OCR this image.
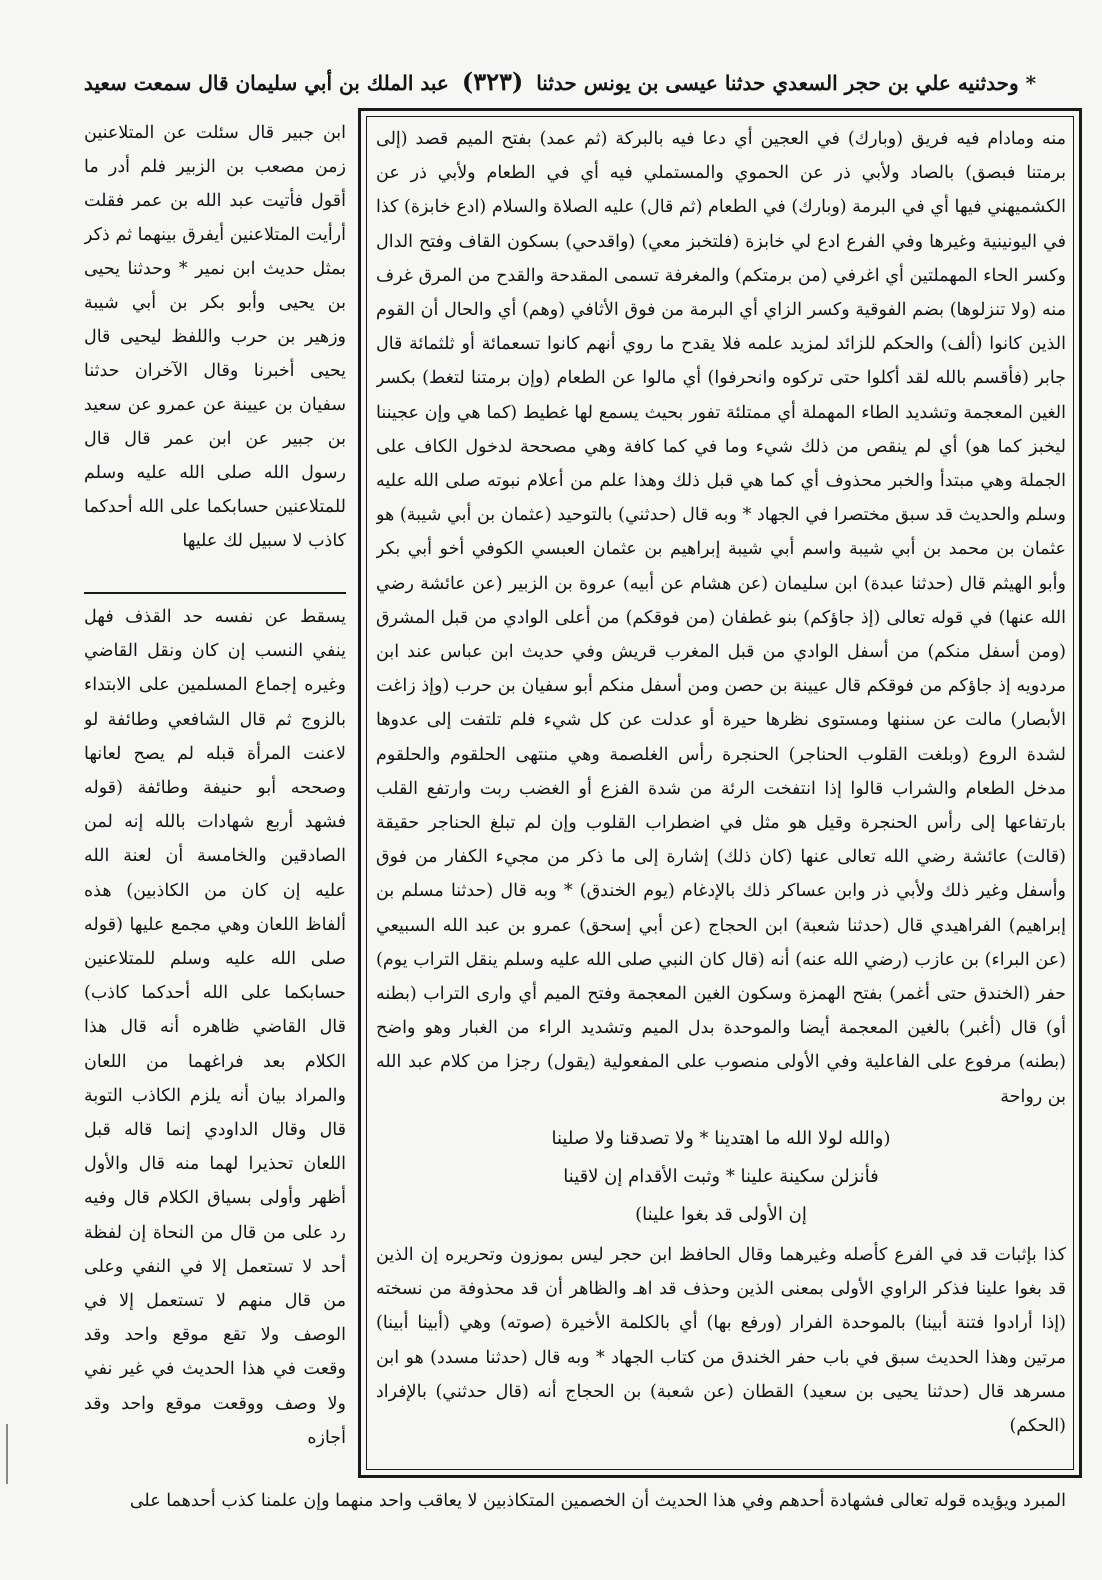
* وحدثنيه علي بن حجر السعدي حدثنا عيسى بن يونس حدثنا (٣٢٣) عبد الملك بن أبي سليمان قال سمعت سعيد

منه ومادام فيه فريق (وبارك) في العجين أي دعا فيه بالبركة (ثم عمد) بفتح الميم قصد (إلى برمتنا فبصق) بالصاد ولأبي ذر عن الحموي والمستملي فيه أي في الطعام ولأبي ذر عن الكشميهني فيها أي في البرمة (وبارك) في الطعام (ثم قال) عليه الصلاة والسلام (ادع خابزة) كذا في اليونينية وغيرها وفي الفرع ادع لي خابزة (فلتخبز معي) (واقدحي) بسكون القاف وفتح الدال وكسر الحاء المهملتين أي اغرفي (من برمتكم) والمغرفة تسمى المقدحة والقدح من المرق غرف منه (ولا تنزلوها) بضم الفوقية وكسر الزاي أي البرمة من فوق الأثافي (وهم) أي والحال أن القوم الذين كانوا (ألف) والحكم للزائد لمزيد علمه فلا يقدح ما روي أنهم كانوا تسعمائة أو ثلثمائة قال جابر (فأقسم بالله لقد أكلوا حتى تركوه وانحرفوا) أي مالوا عن الطعام (وإن برمتنا لتغط) بكسر الغين المعجمة وتشديد الطاء المهملة أي ممتلئة تفور بحيث يسمع لها غطيط (كما هي وإن عجيننا ليخبز كما هو) أي لم ينقص من ذلك شيء وما في كما كافة وهي مصححة لدخول الكاف على الجملة وهي مبتدأ والخبر محذوف أي كما هي قبل ذلك وهذا علم من أعلام نبوته صلى الله عليه وسلم والحديث قد سبق مختصرا في الجهاد * وبه قال (حدثني) بالتوحيد (عثمان بن أبي شيبة) هو عثمان بن محمد بن أبي شيبة واسم أبي شيبة إبراهيم بن عثمان العبسي الكوفي أخو أبي بكر وأبو الهيثم قال (حدثنا عبدة) ابن سليمان (عن هشام عن أبيه) عروة بن الزبير (عن عائشة رضي الله عنها) في قوله تعالى (إذ جاؤكم) بنو غطفان (من فوقكم) من أعلى الوادي من قبل المشرق (ومن أسفل منكم) من أسفل الوادي من قبل المغرب قريش وفي حديث ابن عباس عند ابن مردويه إذ جاؤكم من فوقكم قال عيينة بن حصن ومن أسفل منكم أبو سفيان بن حرب (وإذ زاغت الأبصار) مالت عن سننها ومستوى نظرها حيرة أو عدلت عن كل شيء فلم تلتفت إلى عدوها لشدة الروع (وبلغت القلوب الحناجر) الحنجرة رأس الغلصمة وهي منتهى الحلقوم والحلقوم مدخل الطعام والشراب قالوا إذا انتفخت الرئة من شدة الفزع أو الغضب ربت وارتفع القلب بارتفاعها إلى رأس الحنجرة وقيل هو مثل في اضطراب القلوب وإن لم تبلغ الحناجر حقيقة (قالت) عائشة رضي الله تعالى عنها (كان ذلك) إشارة إلى ما ذكر من مجيء الكفار من فوق وأسفل وغير ذلك ولأبي ذر وابن عساكر ذلك بالإدغام (يوم الخندق) * وبه قال (حدثنا مسلم بن إبراهيم) الفراهيدي قال (حدثنا شعبة) ابن الحجاج (عن أبي إسحق) عمرو بن عبد الله السبيعي (عن البراء) بن عازب (رضي الله عنه) أنه (قال كان النبي صلى الله عليه وسلم ينقل التراب يوم) حفر (الخندق حتى أغمر) بفتح الهمزة وسكون الغين المعجمة وفتح الميم أي وارى التراب (بطنه أو) قال (أغبر) بالغين المعجمة أيضا والموحدة بدل الميم وتشديد الراء من الغبار وهو واضح (بطنه) مرفوع على الفاعلية وفي الأولى منصوب على المفعولية (يقول) رجزا من كلام عبد الله بن رواحة

(والله لولا الله ما اهتدينا * ولا تصدقنا ولا صلينا
فأنزلن سكينة علينا * وثبت الأقدام إن لاقينا
إن الأولى قد بغوا علينا)

كذا بإثبات قد في الفرع كأصله وغيرهما وقال الحافظ ابن حجر ليس بموزون وتحريره إن الذين قد بغوا علينا فذكر الراوي الأولى بمعنى الذين وحذف قد اهـ والظاهر أن قد محذوفة من نسخته (إذا أرادوا فتنة أبينا) بالموحدة الفرار (ورفع بها) أي بالكلمة الأخيرة (صوته) وهي (أبينا أبينا) مرتين وهذا الحديث سبق في باب حفر الخندق من كتاب الجهاد * وبه قال (حدثنا مسدد) هو ابن مسرهد قال (حدثنا يحيى بن سعيد) القطان (عن شعبة) بن الحجاج أنه (قال حدثني) بالإفراد (الحكم)

ابن جبير قال سئلت عن المتلاعنين زمن مصعب بن الزبير فلم أدر ما أقول فأتيت عبد الله بن عمر فقلت أرأيت المتلاعنين أيفرق بينهما ثم ذكر بمثل حديث ابن نمير * وحدثنا يحيى بن يحيى وأبو بكر بن أبي شيبة وزهير بن حرب واللفظ ليحيى قال يحيى أخبرنا وقال الآخران حدثنا سفيان بن عيينة عن عمرو عن سعيد بن جبير عن ابن عمر قال قال رسول الله صلى الله عليه وسلم للمتلاعنين حسابكما على الله أحدكما كاذب لا سبيل لك عليها
يسقط عن نفسه حد القذف فهل ينفي النسب إن كان ونقل القاضي وغيره إجماع المسلمين على الابتداء بالزوج ثم قال الشافعي وطائفة لو لاعنت المرأة قبله لم يصح لعانها وصححه أبو حنيفة وطائفة (قوله فشهد أربع شهادات بالله إنه لمن الصادقين والخامسة أن لعنة الله عليه إن كان من الكاذبين) هذه ألفاظ اللعان وهي مجمع عليها (قوله صلى الله عليه وسلم للمتلاعنين حسابكما على الله أحدكما كاذب) قال القاضي ظاهره أنه قال هذا الكلام بعد فراغهما من اللعان والمراد بيان أنه يلزم الكاذب التوبة قال وقال الداودي إنما قاله قبل اللعان تحذيرا لهما منه قال والأول أظهر وأولى بسياق الكلام قال وفيه رد على من قال من النحاة إن لفظة أحد لا تستعمل إلا في النفي وعلى من قال منهم لا تستعمل إلا في الوصف ولا تقع موقع واحد وقد وقعت في هذا الحديث في غير نفي ولا وصف ووقعت موقع واحد وقد أجازه
المبرد ويؤيده قوله تعالى فشهادة أحدهم وفي هذا الحديث أن الخصمين المتكاذبين لا يعاقب واحد منهما وإن علمنا كذب أحدهما على
